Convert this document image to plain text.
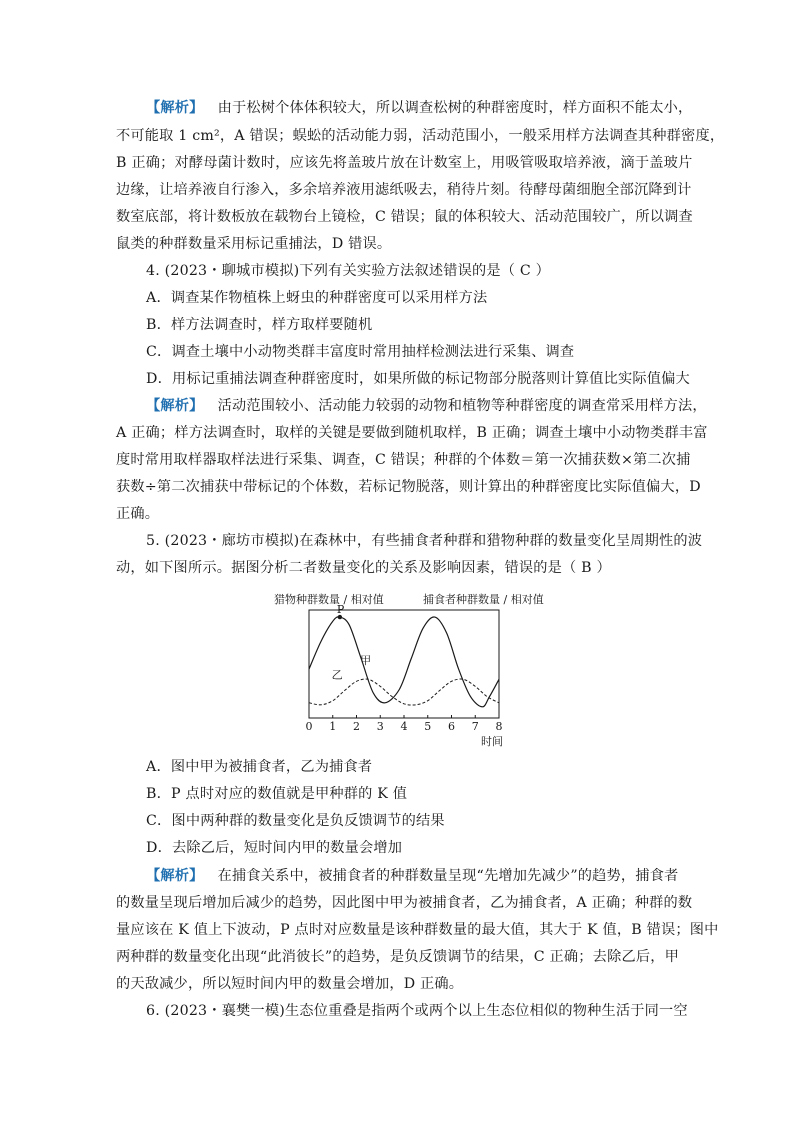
【解析】 由于松树个体体积较大，所以调查松树的种群密度时，样方面积不能太小，
不可能取 1 cm²，A 错误；蜈蚣的活动能力弱，活动范围小，一般采用样方法调查其种群密度，
B 正确；对酵母菌计数时，应该先将盖玻片放在计数室上，用吸管吸取培养液，滴于盖玻片
边缘，让培养液自行渗入，多余培养液用滤纸吸去，稍待片刻。待酵母菌细胞全部沉降到计
数室底部，将计数板放在载物台上镜检，C 错误；鼠的体积较大、活动范围较广，所以调查
鼠类的种群数量采用标记重捕法，D 错误。
4. (2023・聊城市模拟)下列有关实验方法叙述错误的是（ C ）
A．调查某作物植株上蚜虫的种群密度可以采用样方法
B．样方法调查时，样方取样要随机
C．调查土壤中小动物类群丰富度时常用抽样检测法进行采集、调查
D．用标记重捕法调查种群密度时，如果所做的标记物部分脱落则计算值比实际值偏大
【解析】 活动范围较小、活动能力较弱的动物和植物等种群密度的调查常采用样方法，
A 正确；样方法调查时，取样的关键是要做到随机取样，B 正确；调查土壤中小动物类群丰富
度时常用取样器取样法进行采集、调查，C 错误；种群的个体数＝第一次捕获数×第二次捕
获数÷第二次捕获中带标记的个体数，若标记物脱落，则计算出的种群密度比实际值偏大，D
正确。
5. (2023・廊坊市模拟)在森林中，有些捕食者种群和猎物种群的数量变化呈周期性的波
动，如下图所示。据图分析二者数量变化的关系及影响因素，错误的是（ B ）
猎物种群数量 / 相对值	捕食者种群数量 / 相对值
0 1 2 3 4 5 6 7 8
P
甲
乙
时间
A．图中甲为被捕食者，乙为捕食者
B．P 点时对应的数值就是甲种群的 K 值
C．图中两种群的数量变化是负反馈调节的结果
D．去除乙后，短时间内甲的数量会增加
【解析】 在捕食关系中，被捕食者的种群数量呈现“先增加先减少”的趋势，捕食者
的数量呈现后增加后减少的趋势，因此图中甲为被捕食者，乙为捕食者，A 正确；种群的数
量应该在 K 值上下波动，P 点时对应数量是该种群数量的最大值，其大于 K 值，B 错误；图中
两种群的数量变化出现“此消彼长”的趋势，是负反馈调节的结果，C 正确；去除乙后，甲
的天敌减少，所以短时间内甲的数量会增加，D 正确。
6. (2023・襄樊一模)生态位重叠是指两个或两个以上生态位相似的物种生活于同一空
